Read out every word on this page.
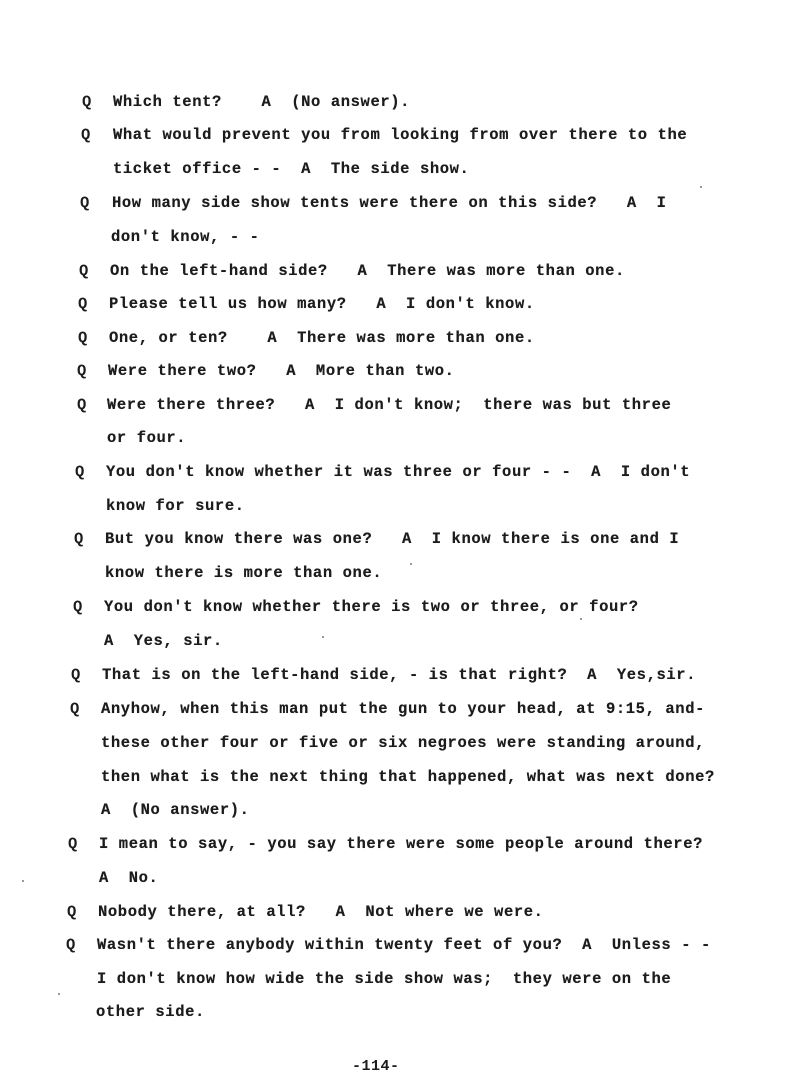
Q Which tent?    A  (No answer).
Q What would prevent you from looking from over there to the
ticket office - -  A  The side show.
Q How many side show tents were there on this side?   A  I
don't know, - -
Q On the left-hand side?   A  There was more than one.
Q Please tell us how many?   A  I don't know.
Q One, or ten?    A  There was more than one.
Q Were there two?   A  More than two.
Q Were there three?   A  I don't know;  there was but three
or four.
Q You don't know whether it was three or four - -  A  I don't
know for sure.
Q But you know there was one?   A  I know there is one and I
know there is more than one.
Q You don't know whether there is two or three, or four?
A  Yes, sir.
Q That is on the left-hand side, - is that right?  A  Yes,sir.
Q Anyhow, when this man put the gun to your head, at 9:15, and-
these other four or five or six negroes were standing around,
then what is the next thing that happened, what was next done?
A  (No answer).
Q I mean to say, - you say there were some people around there?
A  No.
Q Nobody there, at all?   A  Not where we were.
Q Wasn't there anybody within twenty feet of you?  A  Unless - -
I don't know how wide the side show was;  they were on the
other side.
-114-
